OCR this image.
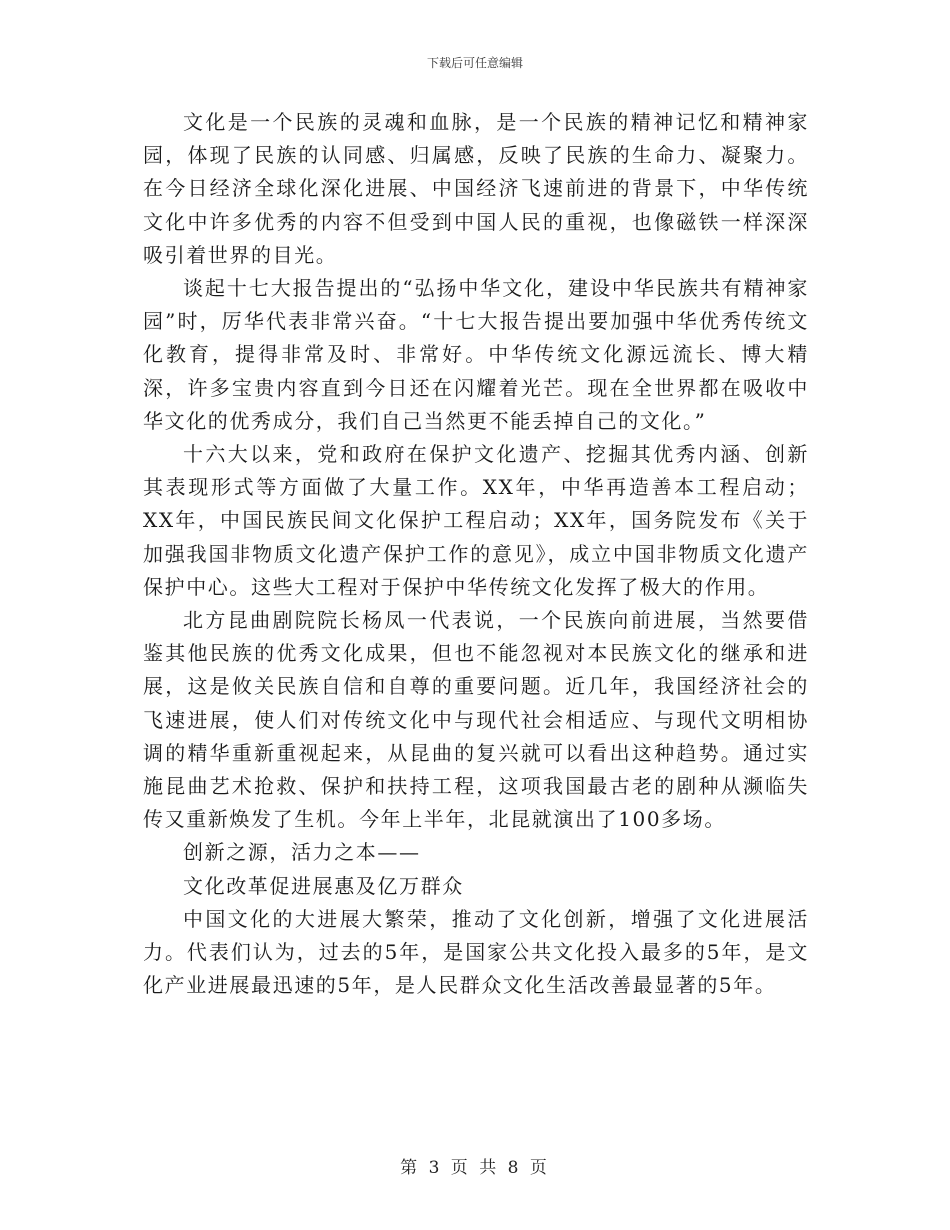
下载后可任意编辑

文化是一个民族的灵魂和血脉，是一个民族的精神记忆和精神家园，体现了民族的认同感、归属感，反映了民族的生命力、凝聚力。在今日经济全球化深化进展、中国经济飞速前进的背景下，中华传统文化中许多优秀的内容不但受到中国人民的重视，也像磁铁一样深深吸引着世界的目光。

谈起十七大报告提出的“弘扬中华文化，建设中华民族共有精神家园”时，厉华代表非常兴奋。“十七大报告提出要加强中华优秀传统文化教育，提得非常及时、非常好。中华传统文化源远流长、博大精深，许多宝贵内容直到今日还在闪耀着光芒。现在全世界都在吸收中华文化的优秀成分，我们自己当然更不能丢掉自己的文化。”

十六大以来，党和政府在保护文化遗产、挖掘其优秀内涵、创新其表现形式等方面做了大量工作。XX年，中华再造善本工程启动；XX年，中国民族民间文化保护工程启动；XX年，国务院发布《关于加强我国非物质文化遗产保护工作的意见》，成立中国非物质文化遗产保护中心。这些大工程对于保护中华传统文化发挥了极大的作用。

北方昆曲剧院院长杨凤一代表说，一个民族向前进展，当然要借鉴其他民族的优秀文化成果，但也不能忽视对本民族文化的继承和进展，这是攸关民族自信和自尊的重要问题。近几年，我国经济社会的飞速进展，使人们对传统文化中与现代社会相适应、与现代文明相协调的精华重新重视起来，从昆曲的复兴就可以看出这种趋势。通过实施昆曲艺术抢救、保护和扶持工程，这项我国最古老的剧种从濒临失传又重新焕发了生机。今年上半年，北昆就演出了100多场。

创新之源，活力之本——

文化改革促进展惠及亿万群众

中国文化的大进展大繁荣，推动了文化创新，增强了文化进展活力。代表们认为，过去的5年，是国家公共文化投入最多的5年，是文化产业进展最迅速的5年，是人民群众文化生活改善最显著的5年。

第 3 页 共 8 页
